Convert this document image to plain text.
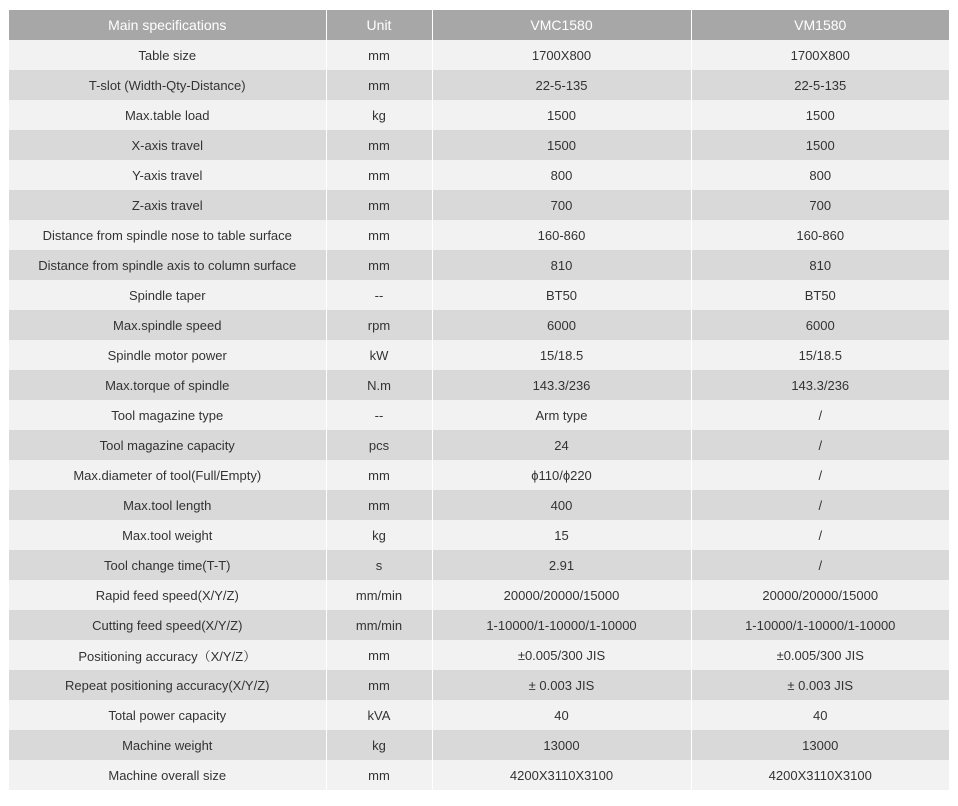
Main specifications	Unit	VMC1580	VM1580
Table size	mm	1700X800	1700X800
T-slot (Width-Qty-Distance)	mm	22-5-135	22-5-135
Max.table load	kg	1500	1500
X-axis travel	mm	1500	1500
Y-axis travel	mm	800	800
Z-axis travel	mm	700	700
Distance from spindle nose to table surface	mm	160-860	160-860
Distance from spindle axis to column surface	mm	810	810
Spindle taper	--	BT50	BT50
Max.spindle speed	rpm	6000	6000
Spindle motor power	kW	15/18.5	15/18.5
Max.torque of spindle	N.m	143.3/236	143.3/236
Tool magazine type	--	Arm type	/
Tool magazine capacity	pcs	24	/
Max.diameter of tool(Full/Empty)	mm	ϕ110/ϕ220	/
Max.tool length	mm	400	/
Max.tool weight	kg	15	/
Tool change time(T-T)	s	2.91	/
Rapid feed speed(X/Y/Z)	mm/min	20000/20000/15000	20000/20000/15000
Cutting feed speed(X/Y/Z)	mm/min	1-10000/1-10000/1-10000	1-10000/1-10000/1-10000
Positioning accuracy（X/Y/Z）	mm	±0.005/300 JIS	±0.005/300 JIS
Repeat positioning accuracy(X/Y/Z)	mm	± 0.003 JIS	± 0.003 JIS
Total power capacity	kVA	40	40
Machine weight	kg	13000	13000
Machine overall size	mm	4200X3110X3100	4200X3110X3100
